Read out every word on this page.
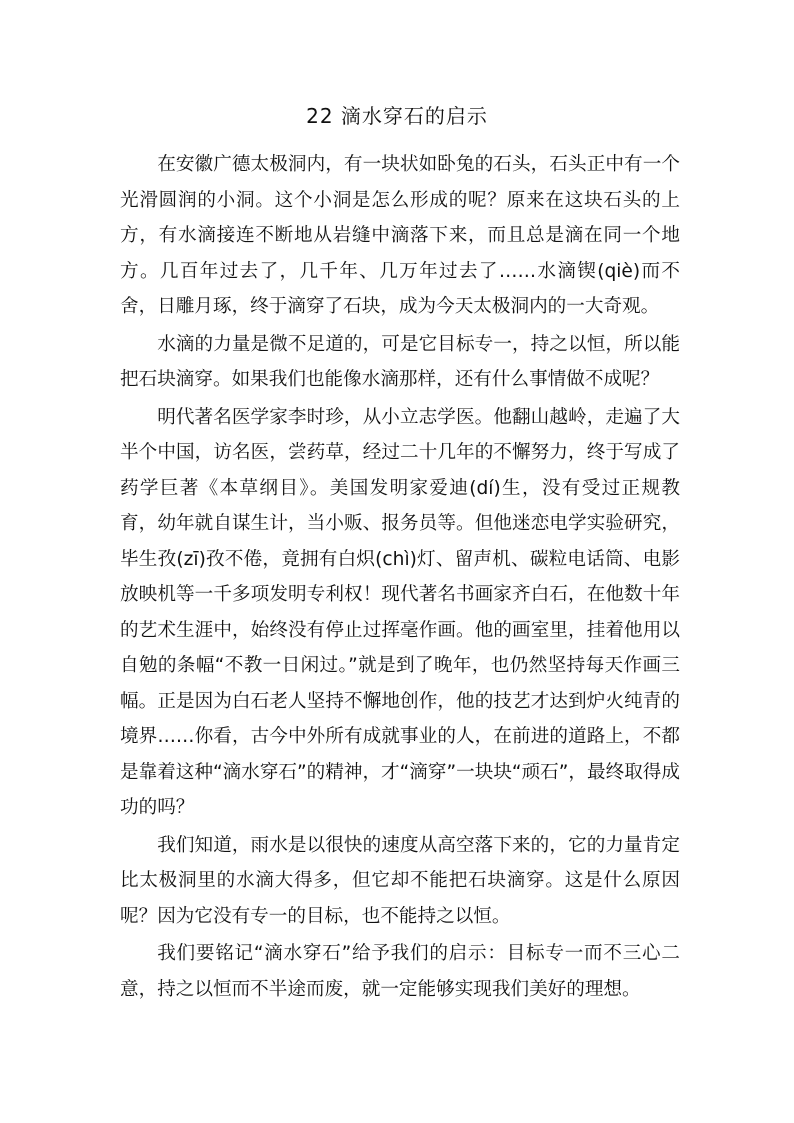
22 滴水穿石的启示

在安徽广德太极洞内，有一块状如卧兔的石头，石头正中有一个光滑圆润的小洞。这个小洞是怎么形成的呢？原来在这块石头的上方，有水滴接连不断地从岩缝中滴落下来，而且总是滴在同一个地方。几百年过去了，几千年、几万年过去了……水滴锲(qiè)而不舍，日雕月琢，终于滴穿了石块，成为今天太极洞内的一大奇观。

水滴的力量是微不足道的，可是它目标专一，持之以恒，所以能把石块滴穿。如果我们也能像水滴那样，还有什么事情做不成呢？

明代著名医学家李时珍，从小立志学医。他翻山越岭，走遍了大半个中国，访名医，尝药草，经过二十几年的不懈努力，终于写成了药学巨著《本草纲目》。美国发明家爱迪(dí)生，没有受过正规教育，幼年就自谋生计，当小贩、报务员等。但他迷恋电学实验研究，毕生孜(zī)孜不倦，竟拥有白炽(chì)灯、留声机、碳粒电话筒、电影放映机等一千多项发明专利权！现代著名书画家齐白石，在他数十年的艺术生涯中，始终没有停止过挥毫作画。他的画室里，挂着他用以自勉的条幅“不教一日闲过。”就是到了晚年，也仍然坚持每天作画三幅。正是因为白石老人坚持不懈地创作，他的技艺才达到炉火纯青的境界……你看，古今中外所有成就事业的人，在前进的道路上，不都是靠着这种“滴水穿石”的精神，才“滴穿”一块块“顽石”，最终取得成功的吗？

我们知道，雨水是以很快的速度从高空落下来的，它的力量肯定比太极洞里的水滴大得多，但它却不能把石块滴穿。这是什么原因呢？因为它没有专一的目标，也不能持之以恒。

我们要铭记“滴水穿石”给予我们的启示：目标专一而不三心二意，持之以恒而不半途而废，就一定能够实现我们美好的理想。
